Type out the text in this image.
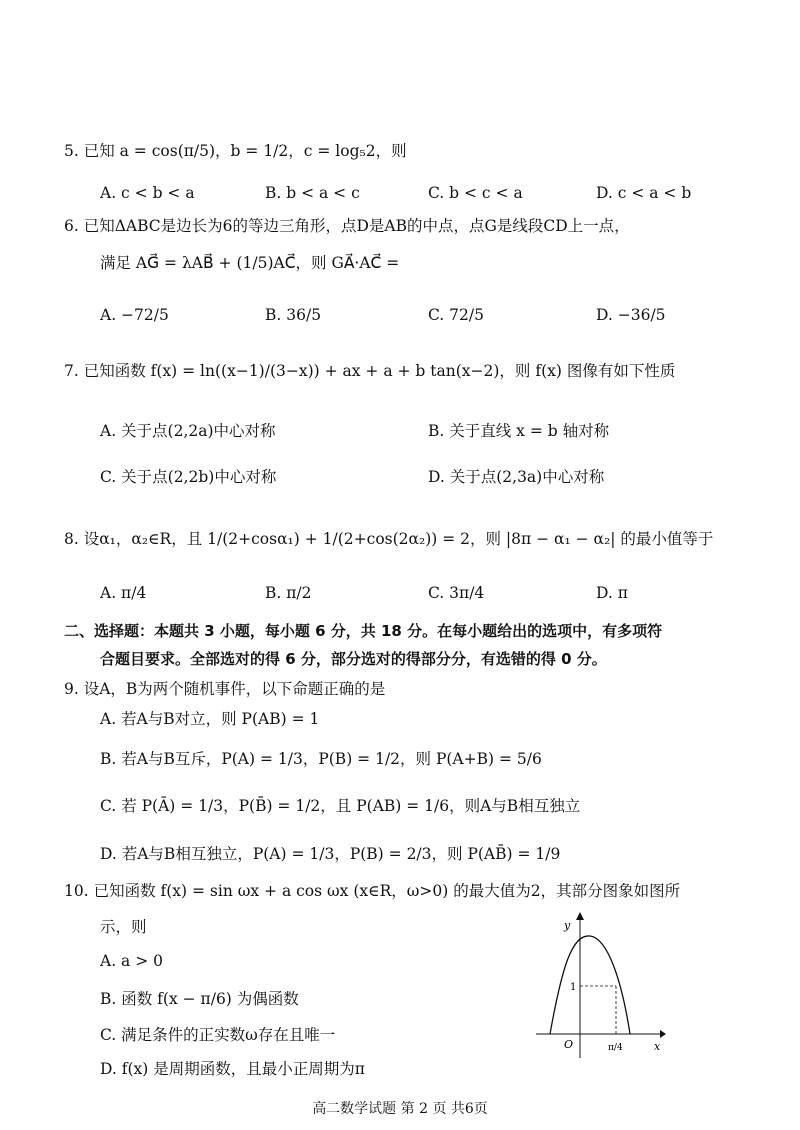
5. 已知 a = cos(π/5)，b = 1/2，c = log₅2，则
A. c < b < a	B. b < a < c	C. b < c < a	D. c < a < b
6. 已知ΔABC是边长为6的等边三角形，点D是AB的中点，点G是线段CD上一点，
满足 AG⃗ = λAB⃗ + (1/5)AC⃗，则 GA⃗·AC⃗ =
A. −72/5	B. 36/5	C. 72/5	D. −36/5
7. 已知函数 f(x) = ln((x−1)/(3−x)) + ax + a + b tan(x−2)，则 f(x) 图像有如下性质
A. 关于点(2,2a)中心对称	B. 关于直线 x = b 轴对称
C. 关于点(2,2b)中心对称	D. 关于点(2,3a)中心对称
8. 设α₁，α₂∈R，且 1/(2+cosα₁) + 1/(2+cos(2α₂)) = 2，则 |8π − α₁ − α₂| 的最小值等于
A. π/4	B. π/2	C. 3π/4	D. π
二、选择题：本题共 3 小题，每小题 6 分，共 18 分。在每小题给出的选项中，有多项符
合题目要求。全部选对的得 6 分，部分选对的得部分分，有选错的得 0 分。
9. 设A，B为两个随机事件，以下命题正确的是
A. 若A与B对立，则 P(AB) = 1
B. 若A与B互斥，P(A) = 1/3，P(B) = 1/2，则 P(A+B) = 5/6
C. 若 P(Ā) = 1/3，P(B̄) = 1/2，且 P(AB) = 1/6，则A与B相互独立
D. 若A与B相互独立，P(A) = 1/3，P(B) = 2/3，则 P(AB̄) = 1/9
10. 已知函数 f(x) = sin ωx + a cos ωx (x∈R，ω>0) 的最大值为2，其部分图象如图所
示，则
A. a > 0
B. 函数 f(x − π/6) 为偶函数
C. 满足条件的正实数ω存在且唯一
D. f(x) 是周期函数，且最小正周期为π
y
x
O
1
π/4
高二数学试题 第 2 页 共6页
